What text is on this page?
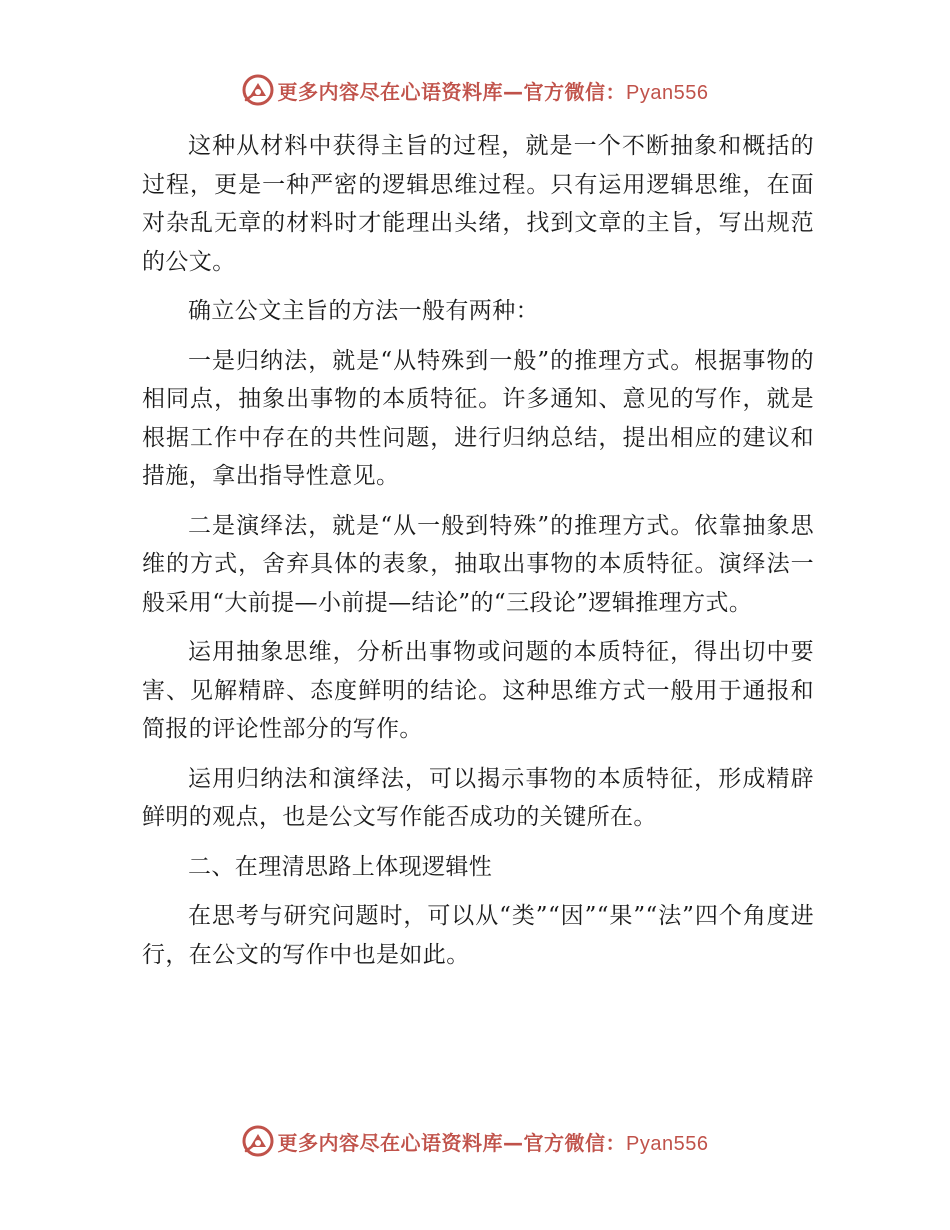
更多内容尽在心语资料库—官方微信：Pyan556

这种从材料中获得主旨的过程，就是一个不断抽象和概括的过程，更是一种严密的逻辑思维过程。只有运用逻辑思维，在面对杂乱无章的材料时才能理出头绪，找到文章的主旨，写出规范的公文。

确立公文主旨的方法一般有两种：

一是归纳法，就是“从特殊到一般”的推理方式。根据事物的相同点，抽象出事物的本质特征。许多通知、意见的写作，就是根据工作中存在的共性问题，进行归纳总结，提出相应的建议和措施，拿出指导性意见。

二是演绎法，就是“从一般到特殊”的推理方式。依靠抽象思维的方式，舍弃具体的表象，抽取出事物的本质特征。演绎法一般采用“大前提—小前提—结论”的“三段论”逻辑推理方式。

运用抽象思维，分析出事物或问题的本质特征，得出切中要害、见解精辟、态度鲜明的结论。这种思维方式一般用于通报和简报的评论性部分的写作。

运用归纳法和演绎法，可以揭示事物的本质特征，形成精辟鲜明的观点，也是公文写作能否成功的关键所在。

二、在理清思路上体现逻辑性

在思考与研究问题时，可以从“类”“因”“果”“法”四个角度进行，在公文的写作中也是如此。

更多内容尽在心语资料库—官方微信：Pyan556
